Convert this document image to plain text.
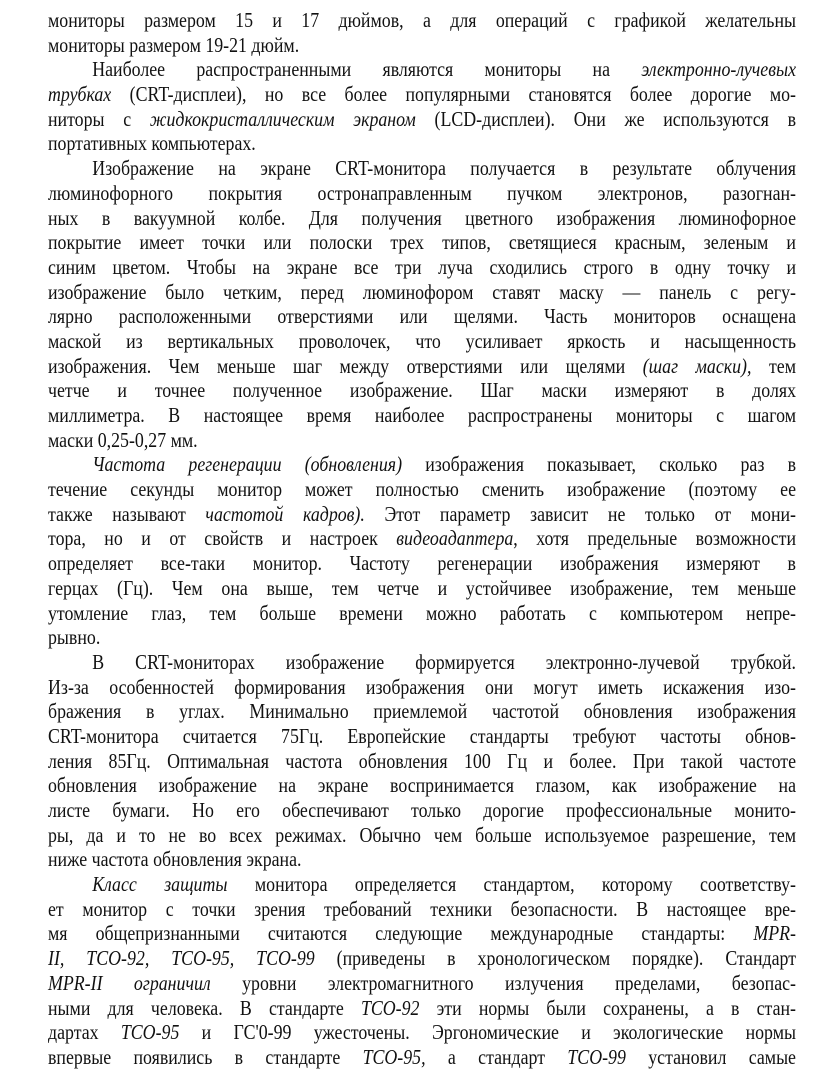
мониторы размером 15 и 17 дюймов, а для операций с графикой желательны
мониторы размером 19-21 дюйм.
Наиболее распространенными являются мониторы на электронно-лучевых
трубках (CRT-дисплеи), но все более популярными становятся более дорогие мо-
ниторы с жидкокристаллическим экраном (LCD-дисплеи). Они же используются в
портативных компьютерах.
Изображение на экране CRT-монитора получается в результате облучения
люминофорного покрытия остронаправленным пучком электронов, разогнан-
ных в вакуумной колбе. Для получения цветного изображения люминофорное
покрытие имеет точки или полоски трех типов, светящиеся красным, зеленым и
синим цветом. Чтобы на экране все три луча сходились строго в одну точку и
изображение было четким, перед люминофором ставят маску — панель с регу-
лярно расположенными отверстиями или щелями. Часть мониторов оснащена
маской из вертикальных проволочек, что усиливает яркость и насыщенность
изображения. Чем меньше шаг между отверстиями или щелями (шаг маски), тем
четче и точнее полученное изображение. Шаг маски измеряют в долях
миллиметра. В настоящее время наиболее распространены мониторы с шагом
маски 0,25-0,27 мм.
Частота регенерации (обновления) изображения показывает, сколько раз в
течение секунды монитор может полностью сменить изображение (поэтому ее
также называют частотой кадров). Этот параметр зависит не только от мони-
тора, но и от свойств и настроек видеоадаптера, хотя предельные возможности
определяет все-таки монитор. Частоту регенерации изображения измеряют в
герцах (Гц). Чем она выше, тем четче и устойчивее изображение, тем меньше
утомление глаз, тем больше времени можно работать с компьютером непре-
рывно.
В CRT-мониторах изображение формируется электронно-лучевой трубкой.
Из-за особенностей формирования изображения они могут иметь искажения изо-
бражения в углах. Минимально приемлемой частотой обновления изображения
CRT-монитора считается 75Гц. Европейские стандарты требуют частоты обнов-
ления 85Гц. Оптимальная частота обновления 100 Гц и более. При такой частоте
обновления изображение на экране воспринимается глазом, как изображение на
листе бумаги. Но его обеспечивают только дорогие профессиональные монито-
ры, да и то не во всех режимах. Обычно чем больше используемое разрешение, тем
ниже частота обновления экрана.
Класс защиты монитора определяется стандартом, которому соответству-
ет монитор с точки зрения требований техники безопасности. В настоящее вре-
мя общепризнанными считаются следующие международные стандарты: MPR-
II, TCO-92, TCO-95, TCO-99 (приведены в хронологическом порядке). Стандарт
MPR-II ограничил уровни электромагнитного излучения пределами, безопас-
ными для человека. В стандарте TCO-92 эти нормы были сохранены, а в стан-
дартах TCO-95 и ГС'0-99 ужесточены. Эргономические и экологические нормы
впервые появились в стандарте TCO-95, а стандарт TCO-99 установил самые
